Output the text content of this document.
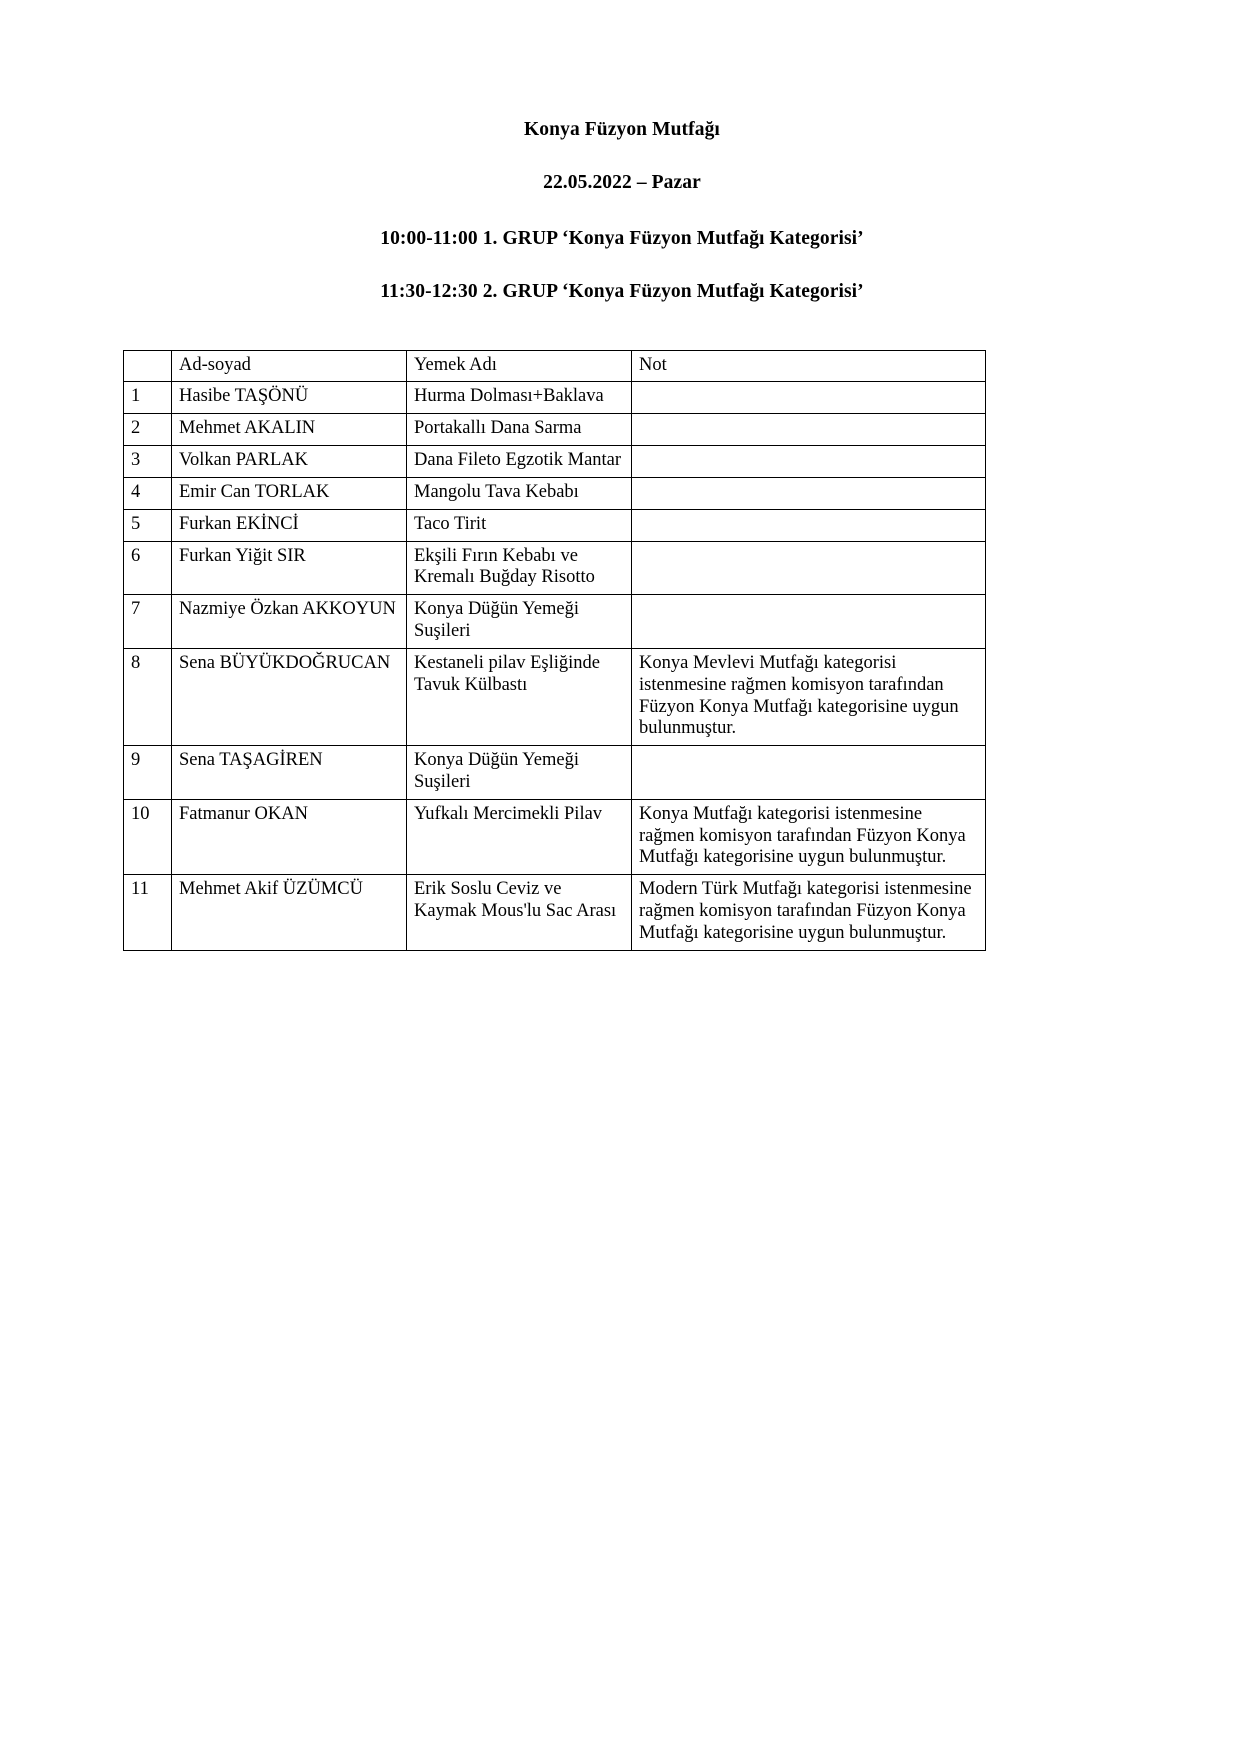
Konya Füzyon Mutfağı
22.05.2022 – Pazar
10:00-11:00 1. GRUP ‘Konya Füzyon Mutfağı Kategorisi’
11:30-12:30 2. GRUP ‘Konya Füzyon Mutfağı Kategorisi’
	Ad-soyad	Yemek Adı	Not
1	Hasibe TAŞÖNÜ	Hurma Dolması+Baklava	
2	Mehmet AKALIN	Portakallı Dana Sarma	
3	Volkan PARLAK	Dana Fileto Egzotik Mantar	
4	Emir Can TORLAK	Mangolu Tava Kebabı	
5	Furkan EKİNCİ	Taco Tirit	
6	Furkan Yiğit SIR	Ekşili Fırın Kebabı ve Kremalı Buğday Risotto	
7	Nazmiye Özkan AKKOYUN	Konya Düğün Yemeği Suşileri	
8	Sena BÜYÜKDOĞRUCAN	Kestaneli pilav Eşliğinde Tavuk Külbastı	Konya Mevlevi Mutfağı kategorisi istenmesine rağmen komisyon tarafından Füzyon Konya Mutfağı kategorisine uygun bulunmuştur.
9	Sena TAŞAGİREN	Konya Düğün Yemeği Suşileri	
10	Fatmanur OKAN	Yufkalı Mercimekli Pilav	Konya Mutfağı kategorisi istenmesine rağmen komisyon tarafından Füzyon Konya Mutfağı kategorisine uygun bulunmuştur.
11	Mehmet Akif ÜZÜMCÜ	Erik Soslu Ceviz ve Kaymak Mous'lu Sac Arası	Modern Türk Mutfağı kategorisi istenmesine rağmen komisyon tarafından Füzyon Konya Mutfağı kategorisine uygun bulunmuştur.
